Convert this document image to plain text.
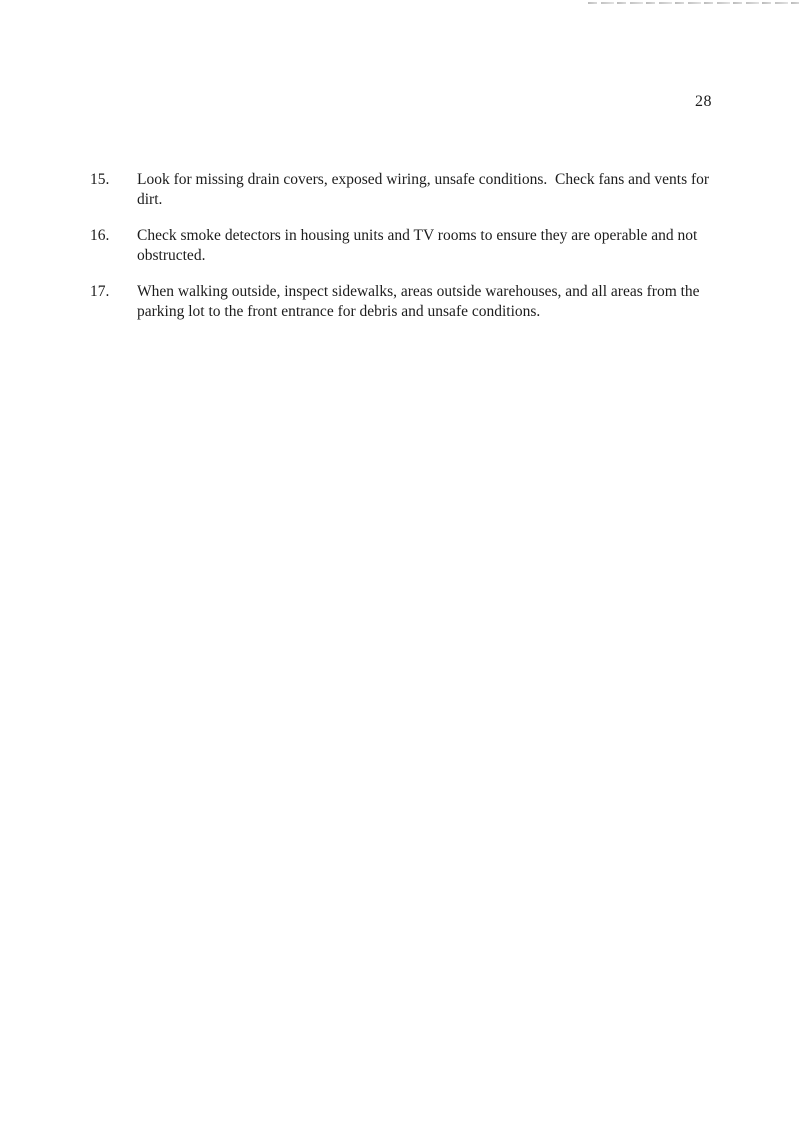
28
15.	Look for missing drain covers, exposed wiring, unsafe conditions.  Check fans and vents for dirt.
16.	Check smoke detectors in housing units and TV rooms to ensure they are operable and not obstructed.
17.	When walking outside, inspect sidewalks, areas outside warehouses, and all areas from the parking lot to the front entrance for debris and unsafe conditions.
